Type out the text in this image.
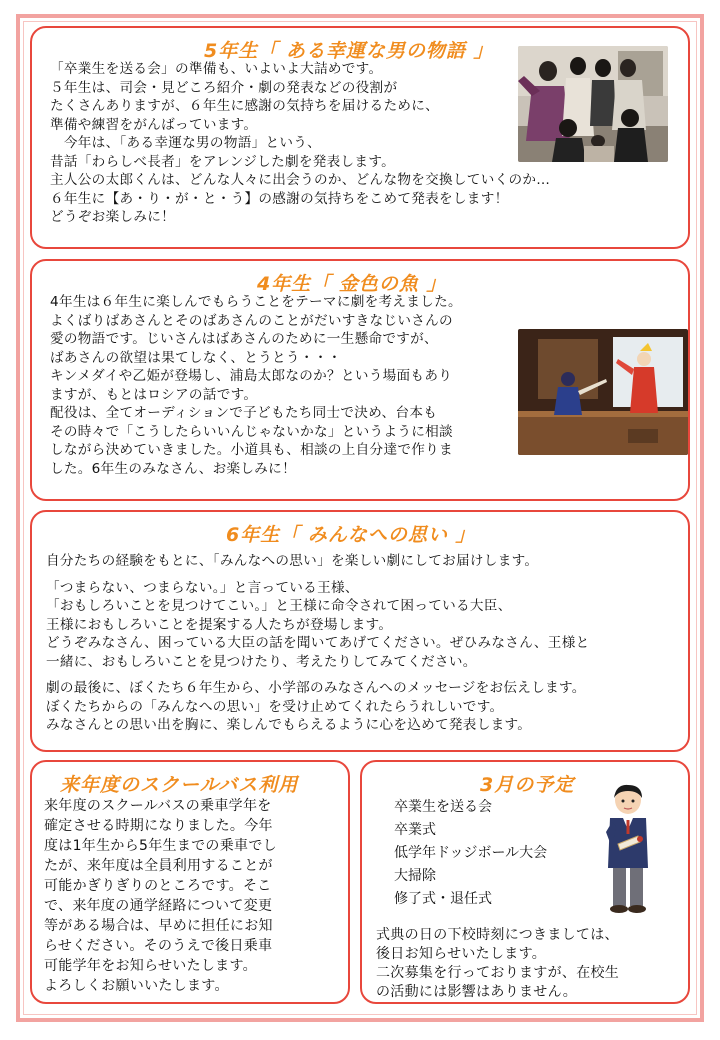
5年生「 ある幸運な男の物語 」

「卒業生を送る会」の準備も、いよいよ大詰めです。

５年生は、司会・見どころ紹介・劇の発表などの役割が

たくさんありますが、６年生に感謝の気持ちを届けるために、

準備や練習をがんばっています。

　今年は、「ある幸運な男の物語」という、

昔話「わらしべ長者」をアレンジした劇を発表します。

主人公の太郎くんは、どんな人々に出会うのか、どんな物を交換していくのか…

６年生に【あ・り・が・と・う】の感謝の気持ちをこめて発表をします！

どうぞお楽しみに！

4年生「 金色の魚 」

4年生は６年生に楽しんでもらうことをテーマに劇を考えました。

よくばりばあさんとそのばあさんのことがだいすきなじいさんの

愛の物語です。じいさんはばあさんのために一生懸命ですが、

ばあさんの欲望は果てしなく、とうとう・・・

キンメダイや乙姫が登場し、浦島太郎なのか？という場面もあり

ますが、もとはロシアの話です。

配役は、全てオーディションで子どもたち同士で決め、台本も

その時々で「こうしたらいいんじゃないかな」というように相談

しながら決めていきました。小道具も、相談の上自分達で作りま

した。6年生のみなさん、お楽しみに！

6年生「 みんなへの思い 」

自分たちの経験をもとに、「みんなへの思い」を楽しい劇にしてお届けします。

「つまらない、つまらない。」と言っている王様、

「おもしろいことを見つけてこい。」と王様に命令されて困っている大臣、

王様におもしろいことを提案する人たちが登場します。

どうぞみなさん、困っている大臣の話を聞いてあげてください。ぜひみなさん、王様と

一緒に、おもしろいことを見つけたり、考えたりしてみてください。

劇の最後に、ぼくたち６年生から、小学部のみなさんへのメッセージをお伝えします。

ぼくたちからの「みんなへの思い」を受け止めてくれたらうれしいです。

みなさんとの思い出を胸に、楽しんでもらえるように心を込めて発表します。

来年度のスクールバス利用

来年度のスクールバスの乗車学年を

確定させる時期になりました。今年

度は1年生から5年生までの乗車でし

たが、来年度は全員利用することが

可能かぎりぎりのところです。そこ

で、来年度の通学経路について変更

等がある場合は、早めに担任にお知

らせください。そのうえで後日乗車

可能学年をお知らせいたします。

よろしくお願いいたします。

3月の予定
卒業生を送る会
卒業式
低学年ドッジボール大会
大掃除
修了式・退任式

式典の日の下校時刻につきましては、

後日お知らせいたします。

二次募集を行っておりますが、在校生

の活動には影響はありません。
